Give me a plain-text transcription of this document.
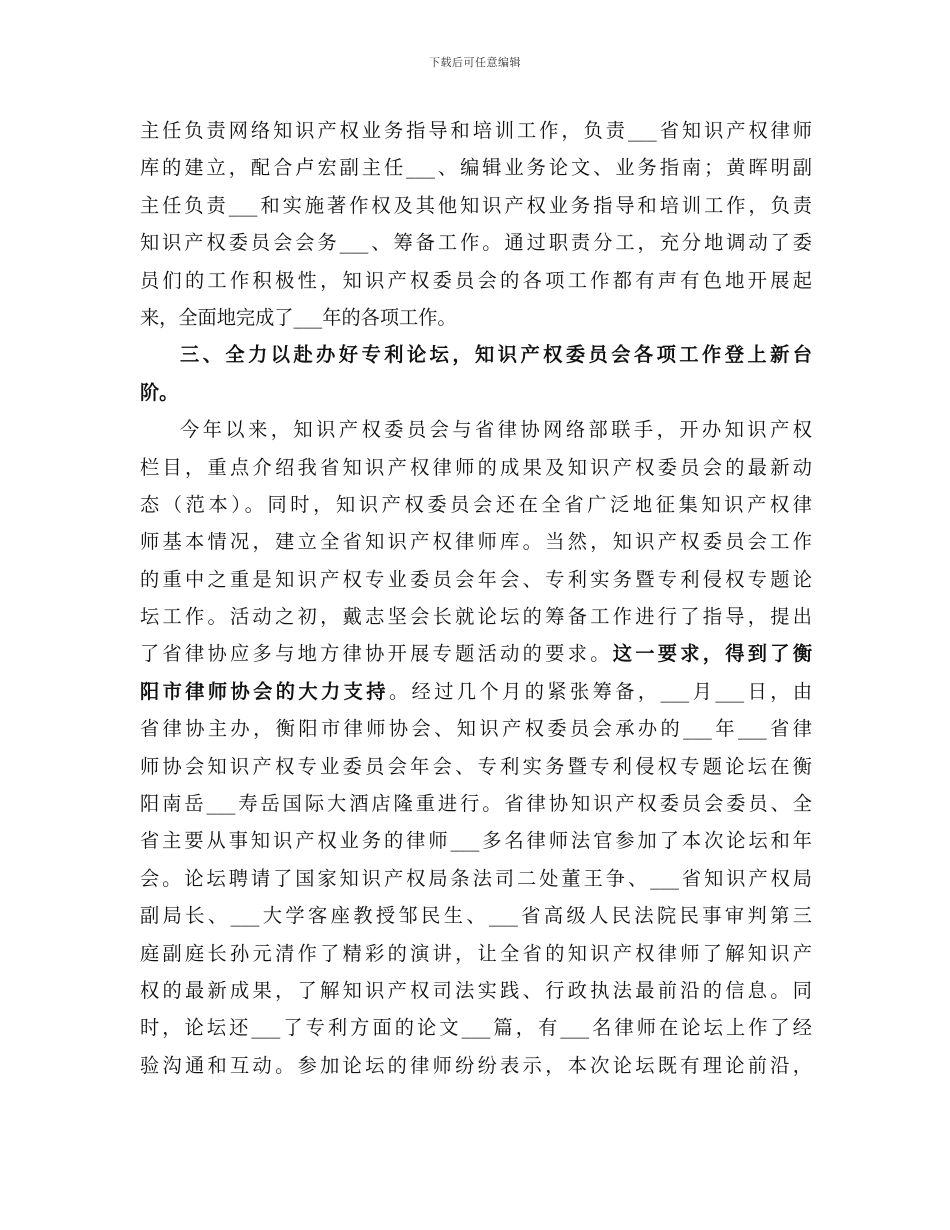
下载后可任意编辑
主任负责网络知识产权业务指导和培训工作，负责___省知识产权律师
库的建立，配合卢宏副主任___、编辑业务论文、业务指南；黄晖明副
主任负责___和实施著作权及其他知识产权业务指导和培训工作，负责
知识产权委员会会务___、筹备工作。通过职责分工，充分地调动了委
员们的工作积极性，知识产权委员会的各项工作都有声有色地开展起
来，全面地完成了___年的各项工作。
三、全力以赴办好专利论坛，知识产权委员会各项工作登上新台
阶。
今年以来，知识产权委员会与省律协网络部联手，开办知识产权
栏目，重点介绍我省知识产权律师的成果及知识产权委员会的最新动
态（范本）。同时，知识产权委员会还在全省广泛地征集知识产权律
师基本情况，建立全省知识产权律师库。当然，知识产权委员会工作
的重中之重是知识产权专业委员会年会、专利实务暨专利侵权专题论
坛工作。活动之初，戴志坚会长就论坛的筹备工作进行了指导，提出
了省律协应多与地方律协开展专题活动的要求。这一要求，得到了衡
阳市律师协会的大力支持。经过几个月的紧张筹备，___月___日，由
省律协主办，衡阳市律师协会、知识产权委员会承办的___年___省律
师协会知识产权专业委员会年会、专利实务暨专利侵权专题论坛在衡
阳南岳___寿岳国际大酒店隆重进行。省律协知识产权委员会委员、全
省主要从事知识产权业务的律师___多名律师法官参加了本次论坛和年
会。论坛聘请了国家知识产权局条法司二处董王争、___省知识产权局
副局长、___大学客座教授邹民生、___省高级人民法院民事审判第三
庭副庭长孙元清作了精彩的演讲，让全省的知识产权律师了解知识产
权的最新成果，了解知识产权司法实践、行政执法最前沿的信息。同
时，论坛还___了专利方面的论文___篇，有___名律师在论坛上作了经
验沟通和互动。参加论坛的律师纷纷表示，本次论坛既有理论前沿，
